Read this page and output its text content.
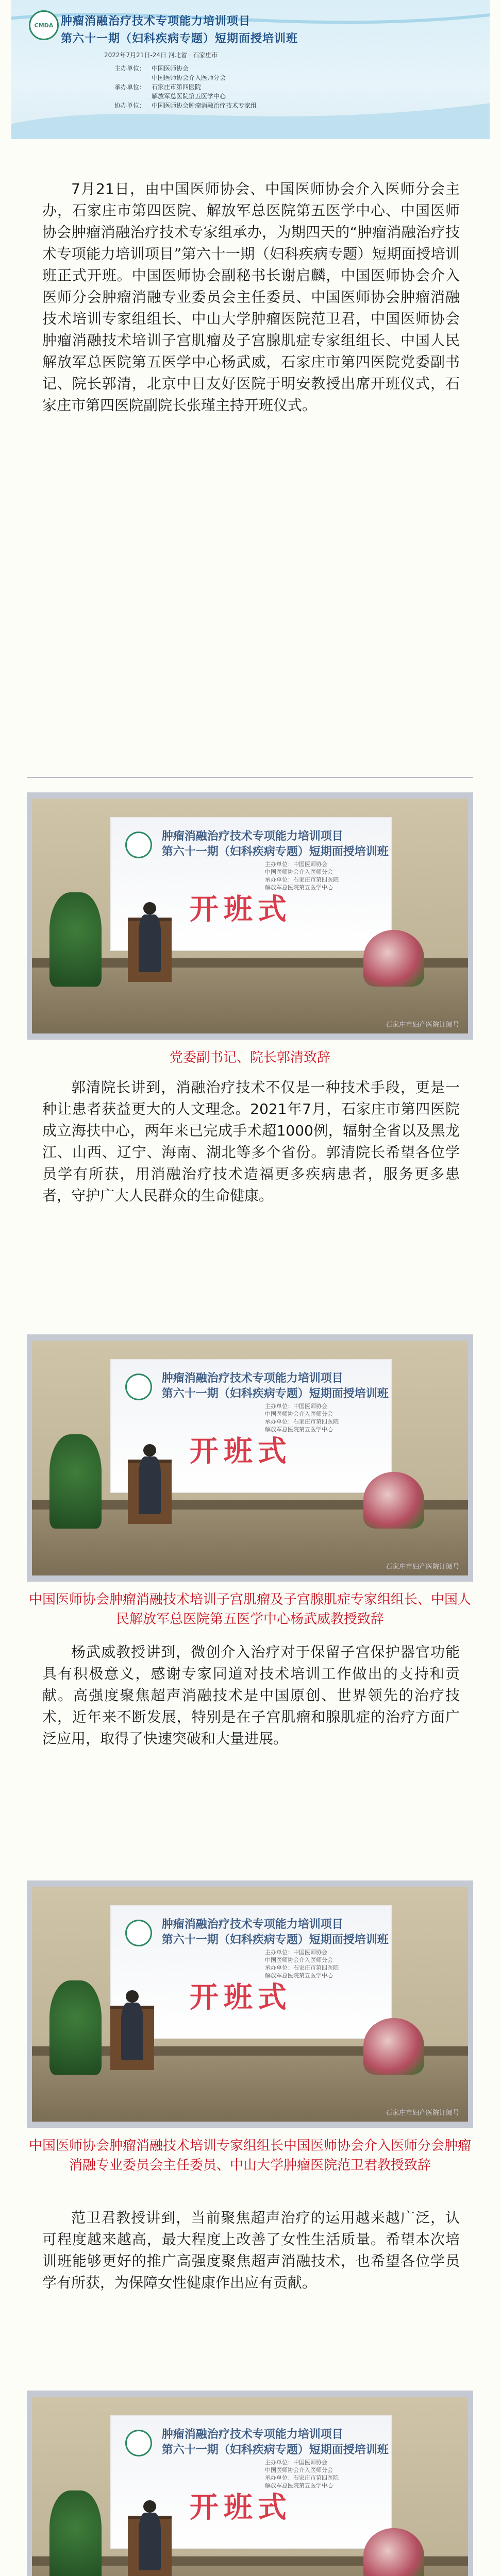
CMDA 肿瘤消融治疗技术专项能力培训项目
第六十一期（妇科疾病专题）短期面授培训班
2022年7月21日-24日 河北省 · 石家庄市
主办单位： 中国医师协会
中国医师协会介入医师分会
承办单位： 石家庄市第四医院
解放军总医院第五医学中心
协办单位： 中国医师协会肿瘤消融治疗技术专家组

7月21日，由中国医师协会、中国医师协会介入医师分会主办，石家庄市第四医院、解放军总医院第五医学中心、中国医师协会肿瘤消融治疗技术专家组承办，为期四天的“肿瘤消融治疗技术专项能力培训项目”第六十一期（妇科疾病专题）短期面授培训班正式开班。中国医师协会副秘书长谢启麟，中国医师协会介入医师分会肿瘤消融专业委员会主任委员、中国医师协会肿瘤消融技术培训专家组组长、中山大学肿瘤医院范卫君，中国医师协会肿瘤消融技术培训子宫肌瘤及子宫腺肌症专家组组长、中国人民解放军总医院第五医学中心杨武威，石家庄市第四医院党委副书记、院长郭清，北京中日友好医院于明安教授出席开班仪式，石家庄市第四医院副院长张瑾主持开班仪式。

肿瘤消融治疗技术专项能力培训项目
第六十一期（妇科疾病专题）短期面授培训班
主办单位：中国医师协会
中国医师协会介入医师分会
承办单位：石家庄市第四医院
解放军总医院第五医学中心
开班式
石家庄市妇产医院订阅号
党委副书记、院长郭清致辞

郭清院长讲到，消融治疗技术不仅是一种技术手段，更是一种让患者获益更大的人文理念。2021年7月，石家庄市第四医院成立海扶中心，两年来已完成手术超1000例，辐射全省以及黑龙江、山西、辽宁、海南、湖北等多个省份。郭清院长希望各位学员学有所获，用消融治疗技术造福更多疾病患者，服务更多患者，守护广大人民群众的生命健康。

肿瘤消融治疗技术专项能力培训项目
第六十一期（妇科疾病专题）短期面授培训班
主办单位：中国医师协会
中国医师协会介入医师分会
承办单位：石家庄市第四医院
解放军总医院第五医学中心
开班式
石家庄市妇产医院订阅号
中国医师协会肿瘤消融技术培训子宫肌瘤及子宫腺肌症专家组组长、中国人民解放军总医院第五医学中心杨武威教授致辞

杨武威教授讲到，微创介入治疗对于保留子宫保护器官功能具有积极意义，感谢专家同道对技术培训工作做出的支持和贡献。高强度聚焦超声消融技术是中国原创、世界领先的治疗技术，近年来不断发展，特别是在子宫肌瘤和腺肌症的治疗方面广泛应用，取得了快速突破和大量进展。

肿瘤消融治疗技术专项能力培训项目
第六十一期（妇科疾病专题）短期面授培训班
主办单位：中国医师协会
中国医师协会介入医师分会
承办单位：石家庄市第四医院
解放军总医院第五医学中心
开班式
石家庄市妇产医院订阅号
中国医师协会肿瘤消融技术培训专家组组长中国医师协会介入医师分会肿瘤消融专业委员会主任委员、中山大学肿瘤医院范卫君教授致辞

范卫君教授讲到，当前聚焦超声治疗的运用越来越广泛，认可程度越来越高，最大程度上改善了女性生活质量。希望本次培训班能够更好的推广高强度聚焦超声消融技术，也希望各位学员学有所获，为保障女性健康作出应有贡献。

肿瘤消融治疗技术专项能力培训项目
第六十一期（妇科疾病专题）短期面授培训班
主办单位：中国医师协会
中国医师协会介入医师分会
承办单位：石家庄市第四医院
解放军总医院第五医学中心
开班式
